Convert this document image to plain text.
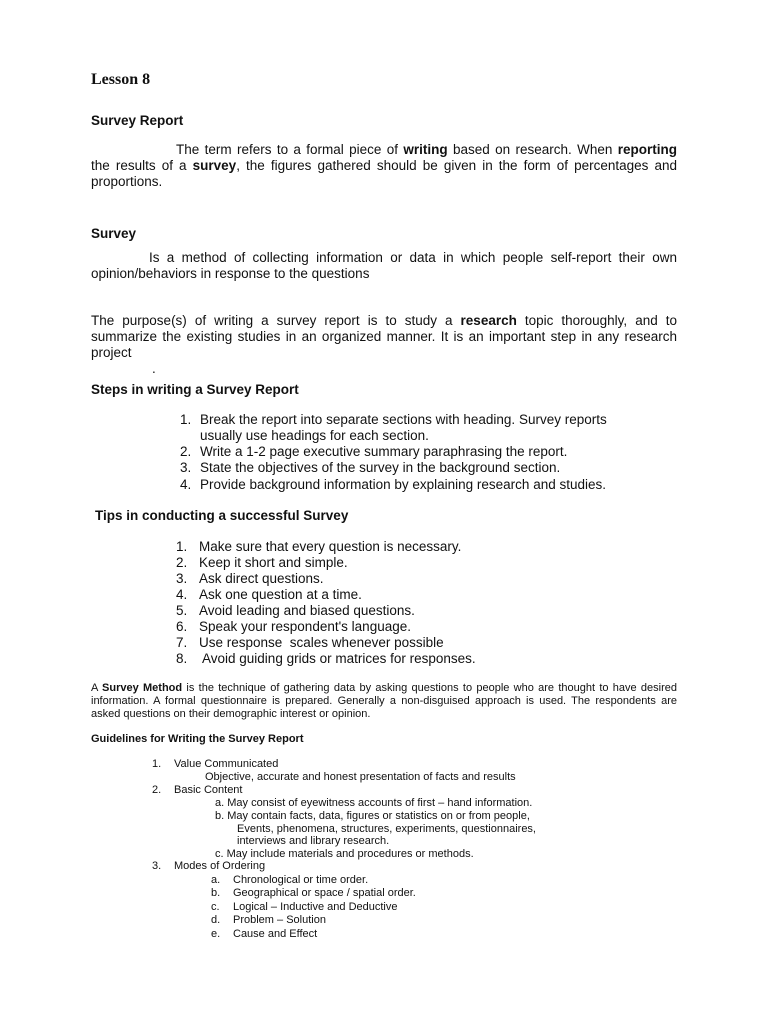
Lesson 8
Survey Report
The term refers to a formal piece of writing based on research. When reporting the results of a survey, the figures gathered should be given in the form of percentages and proportions.
Survey
Is a method of collecting information or data in which people self-report their own opinion/behaviors in response to the questions
The purpose(s) of writing a survey report is to study a research topic thoroughly, and to summarize the existing studies in an organized manner. It is an important step in any research project
.
Steps in writing a Survey Report
1. Break the report into separate sections with heading. Survey reports
usually use headings for each section.
2. Write a 1-2 page executive summary paraphrasing the report.
3. State the objectives of the survey in the background section.
4. Provide background information by explaining research and studies.
Tips in conducting a successful Survey
1. Make sure that every question is necessary.
2. Keep it short and simple.
3. Ask direct questions.
4. Ask one question at a time.
5. Avoid leading and biased questions.
6. Speak your respondent's language.
7. Use response  scales whenever possible
8. Avoid guiding grids or matrices for responses.
A Survey Method is the technique of gathering data by asking questions to people who are thought to have desired information. A formal questionnaire is prepared. Generally a non-disguised approach is used. The respondents are asked questions on their demographic interest or opinion.
Guidelines for Writing the Survey Report
1. Value Communicated
Objective, accurate and honest presentation of facts and results
2. Basic Content
a. May consist of eyewitness accounts of first – hand information.
b. May contain facts, data, figures or statistics on or from people,
Events, phenomena, structures, experiments, questionnaires,
interviews and library research.
c. May include materials and procedures or methods.
3. Modes of Ordering
a. Chronological or time order.
b. Geographical or space / spatial order.
c. Logical – Inductive and Deductive
d. Problem – Solution
e. Cause and Effect
